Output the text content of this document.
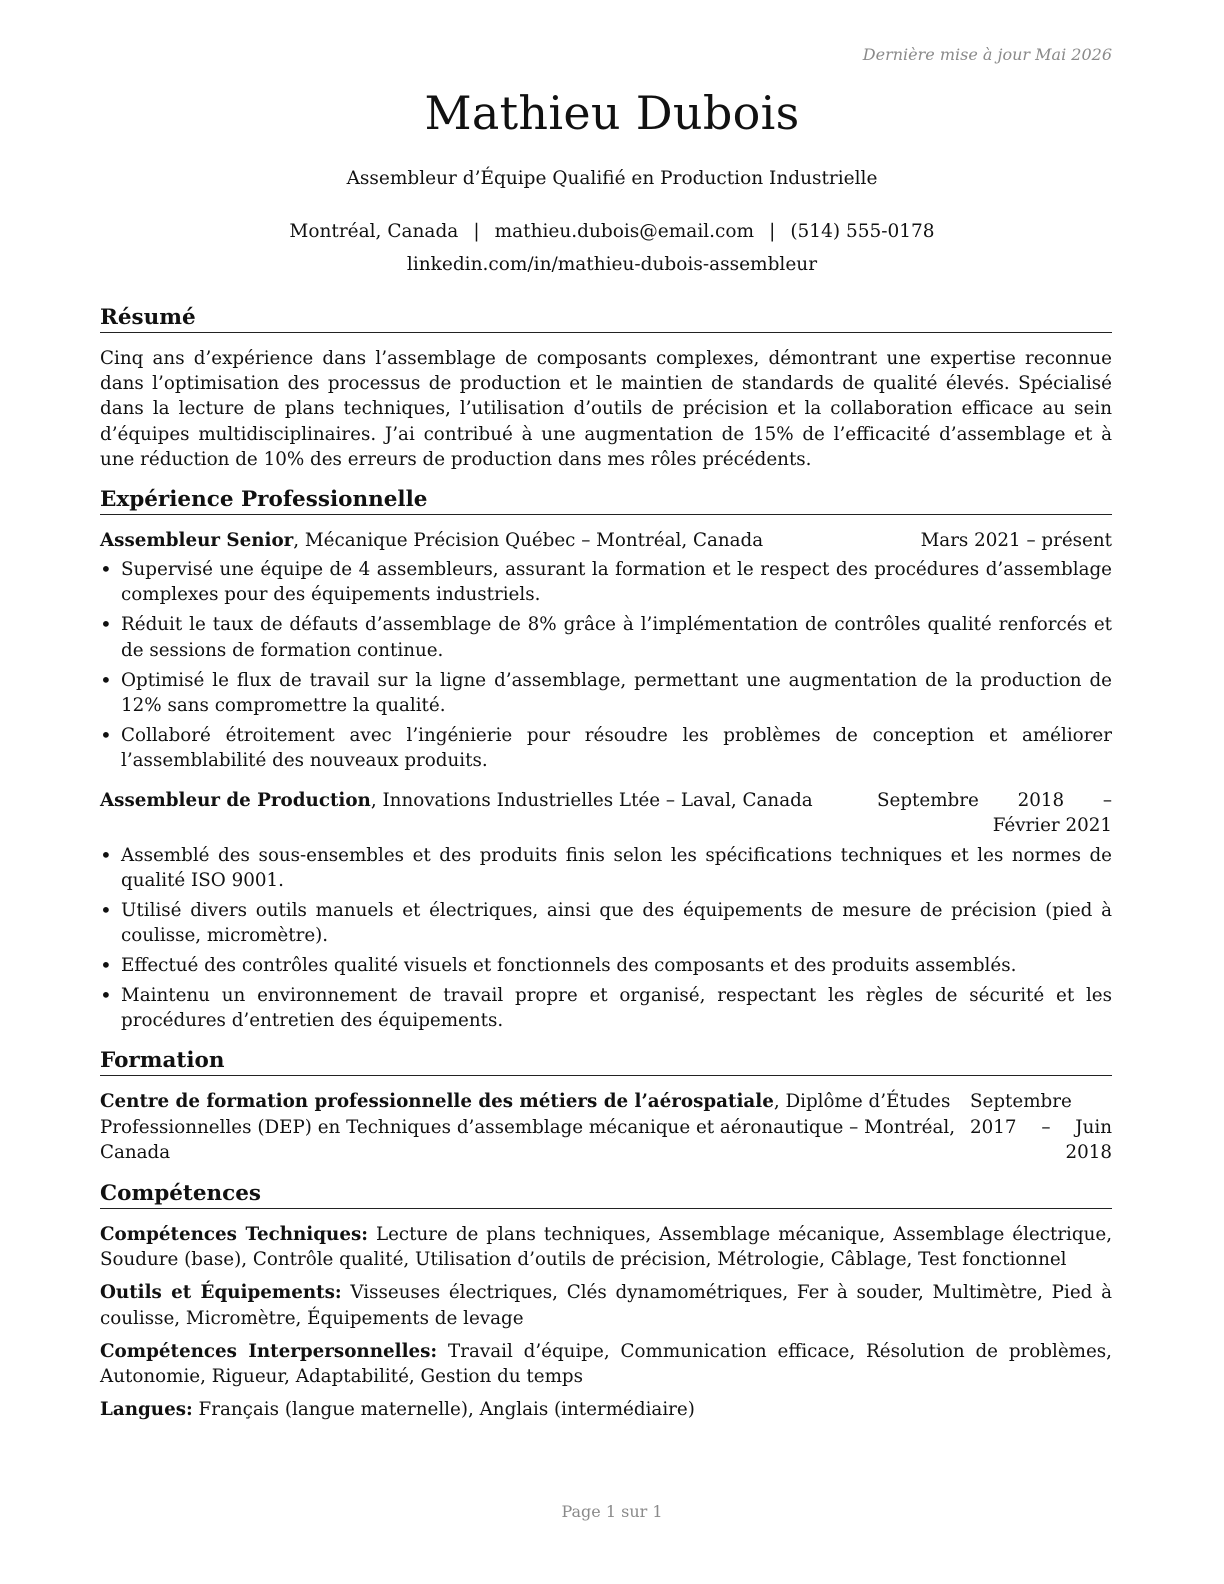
Dernière mise à jour Mai 2026
Mathieu Dubois
Assembleur d’Équipe Qualifié en Production Industrielle
Montréal, Canada | mathieu.dubois@email.com | (514) 555-0178
linkedin.com/in/mathieu-dubois-assembleur
Résumé

Cinq ans d’expérience dans l’assemblage de composants complexes, démontrant une expertise reconnue dans l’optimisation des processus de production et le maintien de standards de qualité élevés. Spécialisé dans la lecture de plans techniques, l’utilisation d’outils de précision et la collaboration efficace au sein d’équipes multidisciplinaires. J’ai contribué à une augmentation de 15% de l’efficacité d’assemblage et à une réduction de 10% des erreurs de production dans mes rôles précédents.

Expérience Professionnelle
Assembleur Senior, Mécanique Précision Québec – Montréal, Canada	Mars 2021 – présent
• Supervisé une équipe de 4 assembleurs, assurant la formation et le respect des procédures d’assemblage complexes pour des équipements industriels.
• Réduit le taux de défauts d’assemblage de 8% grâce à l’implémentation de contrôles qualité renforcés et de sessions de formation continue.
• Optimisé le flux de travail sur la ligne d’assemblage, permettant une augmentation de la production de 12% sans compromettre la qualité.
• Collaboré étroitement avec l’ingénierie pour résoudre les problèmes de conception et améliorer l’assemblabilité des nouveaux produits.
Assembleur de Production, Innovations Industrielles Ltée – Laval, Canada	Septembre 2018 – Février 2021
• Assemblé des sous-ensembles et des produits finis selon les spécifications techniques et les normes de qualité ISO 9001.
• Utilisé divers outils manuels et électriques, ainsi que des équipements de mesure de précision (pied à coulisse, micromètre).
• Effectué des contrôles qualité visuels et fonctionnels des composants et des produits assemblés.
• Maintenu un environnement de travail propre et organisé, respectant les règles de sécurité et les procédures d’entretien des équipements.
Formation
Centre de formation professionnelle des métiers de l’aérospatiale, Diplôme d’Études Professionnelles (DEP) en Techniques d’assemblage mécanique et aéronautique – Montréal, Canada
Septembre 2017 – Juin 2018
Compétences
Compétences Techniques: Lecture de plans techniques, Assemblage mécanique, Assemblage électrique, Soudure (base), Contrôle qualité, Utilisation d’outils de précision, Métrologie, Câblage, Test fonctionnel
Outils et Équipements: Visseuses électriques, Clés dynamométriques, Fer à souder, Multimètre, Pied à coulisse, Micromètre, Équipements de levage
Compétences Interpersonnelles: Travail d’équipe, Communication efficace, Résolution de problèmes, Autonomie, Rigueur, Adaptabilité, Gestion du temps
Langues: Français (langue maternelle), Anglais (intermédiaire)
Page 1 sur 1
